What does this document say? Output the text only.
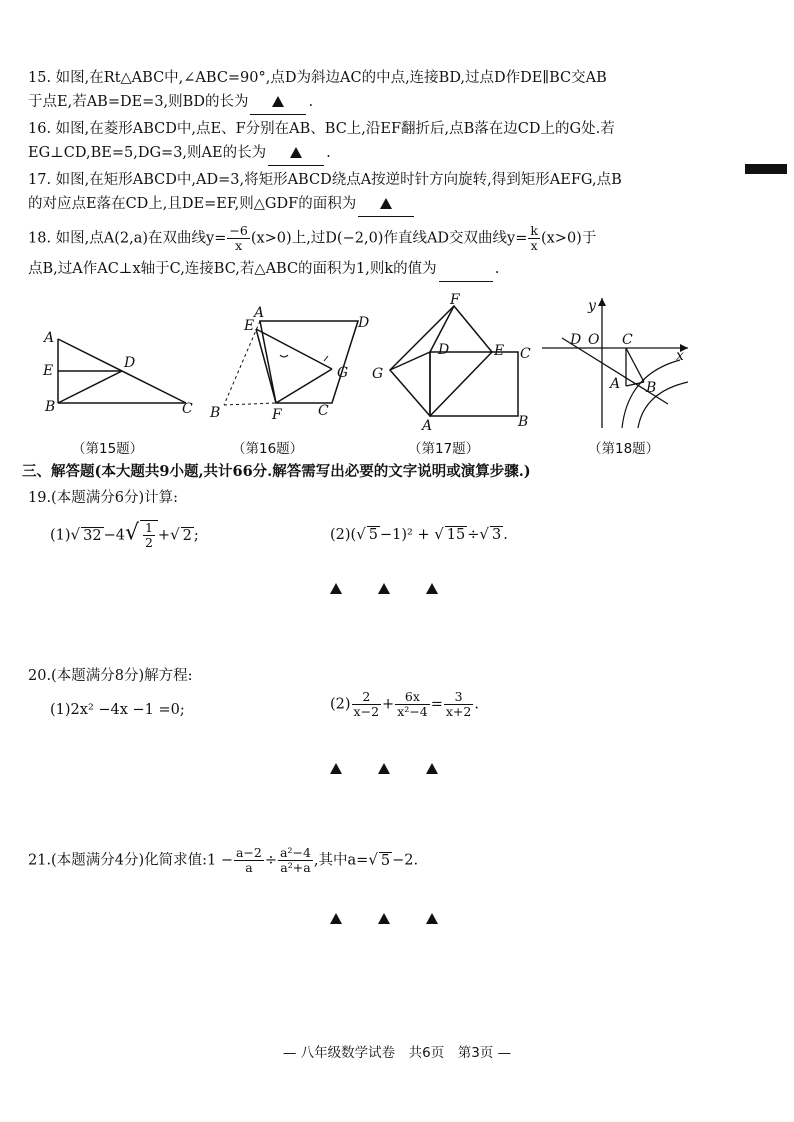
15. 如图,在Rt△ABC中,∠ABC=90°,点D为斜边AC的中点,连接BD,过点D作DE∥BC交AB
于点E,若AB=DE=3,则BD的长为	.
16. 如图,在菱形ABCD中,点E、F分别在AB、BC上,沿EF翻折后,点B落在边CD上的G处.若
EG⊥CD,BE=5,DG=3,则AE的长为	.
17. 如图,在矩形ABCD中,AD=3,将矩形ABCD绕点A按逆时针方向旋转,得到矩形AEFG,点B
的对应点E落在CD上,且DE=EF,则△GDF的面积为
18. 如图,点A(2,a)在双曲线$y= \frac{-6}{x} (x>0)$上,过D(−2,0)作直线AD交双曲线$y= \frac{k}{x} (x>0)$于
点B,过A作AC⊥x轴于C,连接BC,若△ABC的面积为1,则k的值为	.
A
E
B
D
C
A
E	D
G
B	F	C
F
D	E C
G
A	B
y
D O C
x
A B
（第15题）	（第16题）	（第17题）	（第18题）
三、解答题(本大题共9小题,共计66分.解答需写出必要的文字说明或演算步骤.)
19.(本题满分6分)计算:
(1)√ $32 -4√ \frac{1}{2}$ +√ 2 ;	(2)(√ 5 −1)² + √ 15 ÷√ 3 .
20.(本题满分8分)解方程:
(1)2x² −4x −1 =0;	$(2) \frac{2}{x-2} + \frac{6x}{\text{x²−4}} = \frac{3}{x+2}$ .
21.(本题满分4分)化简求值:1 − $\frac{a-2}{a} \div \frac{\text{a²−4}}{\text{a²+a}}$ ,其中a=√ 5 −2.
— 八年级数学试卷　共6页　第3页 —
